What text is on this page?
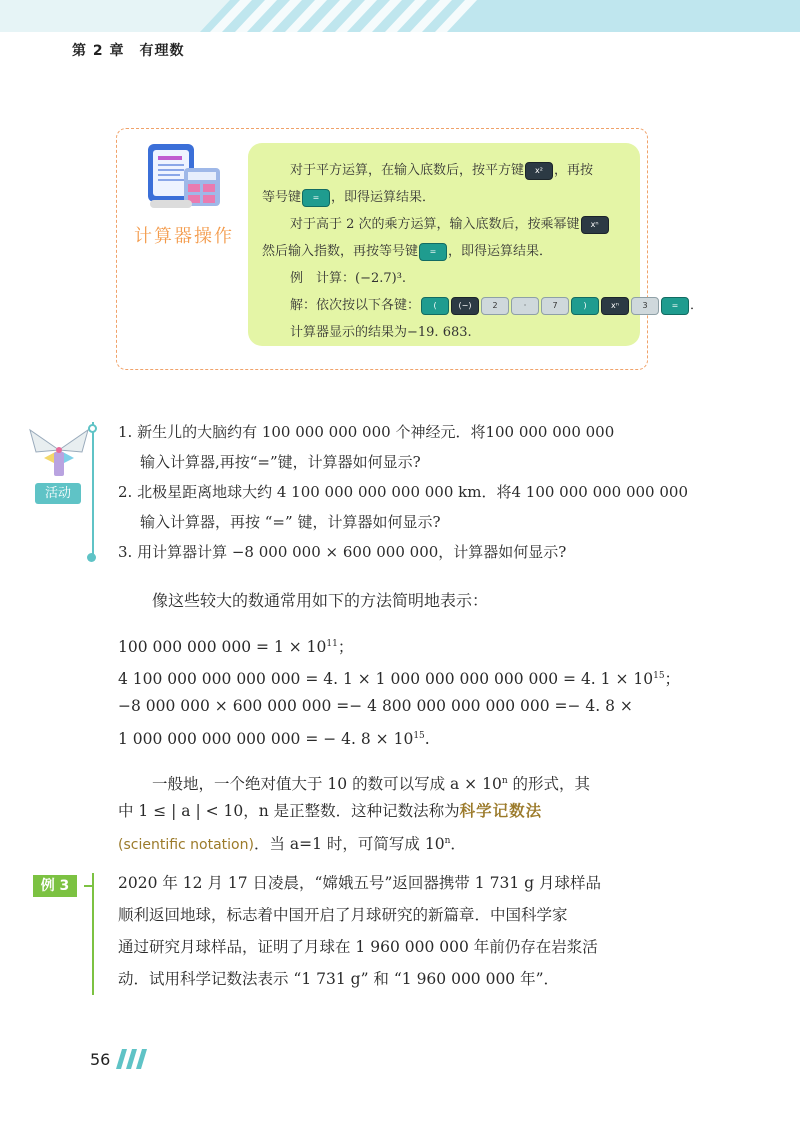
第 2 章　有理数
计算器操作
对于平方运算，在输入底数后，按平方键 x² ，再按
等号键 = ，即得运算结果．
对于高于 2 次的乘方运算，输入底数后，按乘幂键 xⁿ
然后输入指数，再按等号键 = ，即得运算结果．
例　计算：(−2.7)³.
解：依次按以下各键： (	(−)	2	·	7	)	xⁿ	3	= ．
计算器显示的结果为−19. 683.
活动
1. 新生儿的大脑约有 100 000 000 000 个神经元．将100 000 000 000
输入计算器,再按“=”键，计算器如何显示?
2. 北极星距离地球大约 4 100 000 000 000 000 km．将4 100 000 000 000 000
输入计算器，再按 “=” 键，计算器如何显示?
3. 用计算器计算 −8 000 000 × 600 000 000，计算器如何显示?
像这些较大的数通常用如下的方法简明地表示：
100 000 000 $000 = 1 \times 10^{11}$；
4 100 000 000 000 000 = 4. 1 × 1 000 000 000 000 000 = 4. $1 \times 10^{15}$；
−8 000 000 × 600 000 000 =− 4 800 000 000 000 000 =− 4. 8 ×
1 000 000 000 000 000 = − 4. $8 \times 10^{15}$.
一般地，一个绝对值大于 10 的数可以写成 $a \times 10^n$ 的形式，其
中 1 ≤ | a | < 10，n 是正整数．这种记数法称为科学记数法
(scientific notation)．当 a=1 时，可简写成 10$^n$．
例 3	2020 年 12 月 17 日凌晨，“嫦娥五号”返回器携带 1 731 g 月球样品
顺利返回地球，标志着中国开启了月球研究的新篇章．中国科学家
通过研究月球样品，证明了月球在 1 960 000 000 年前仍存在岩浆活
动．试用科学记数法表示 “1 731 g” 和 “1 960 000 000 年”．
56
